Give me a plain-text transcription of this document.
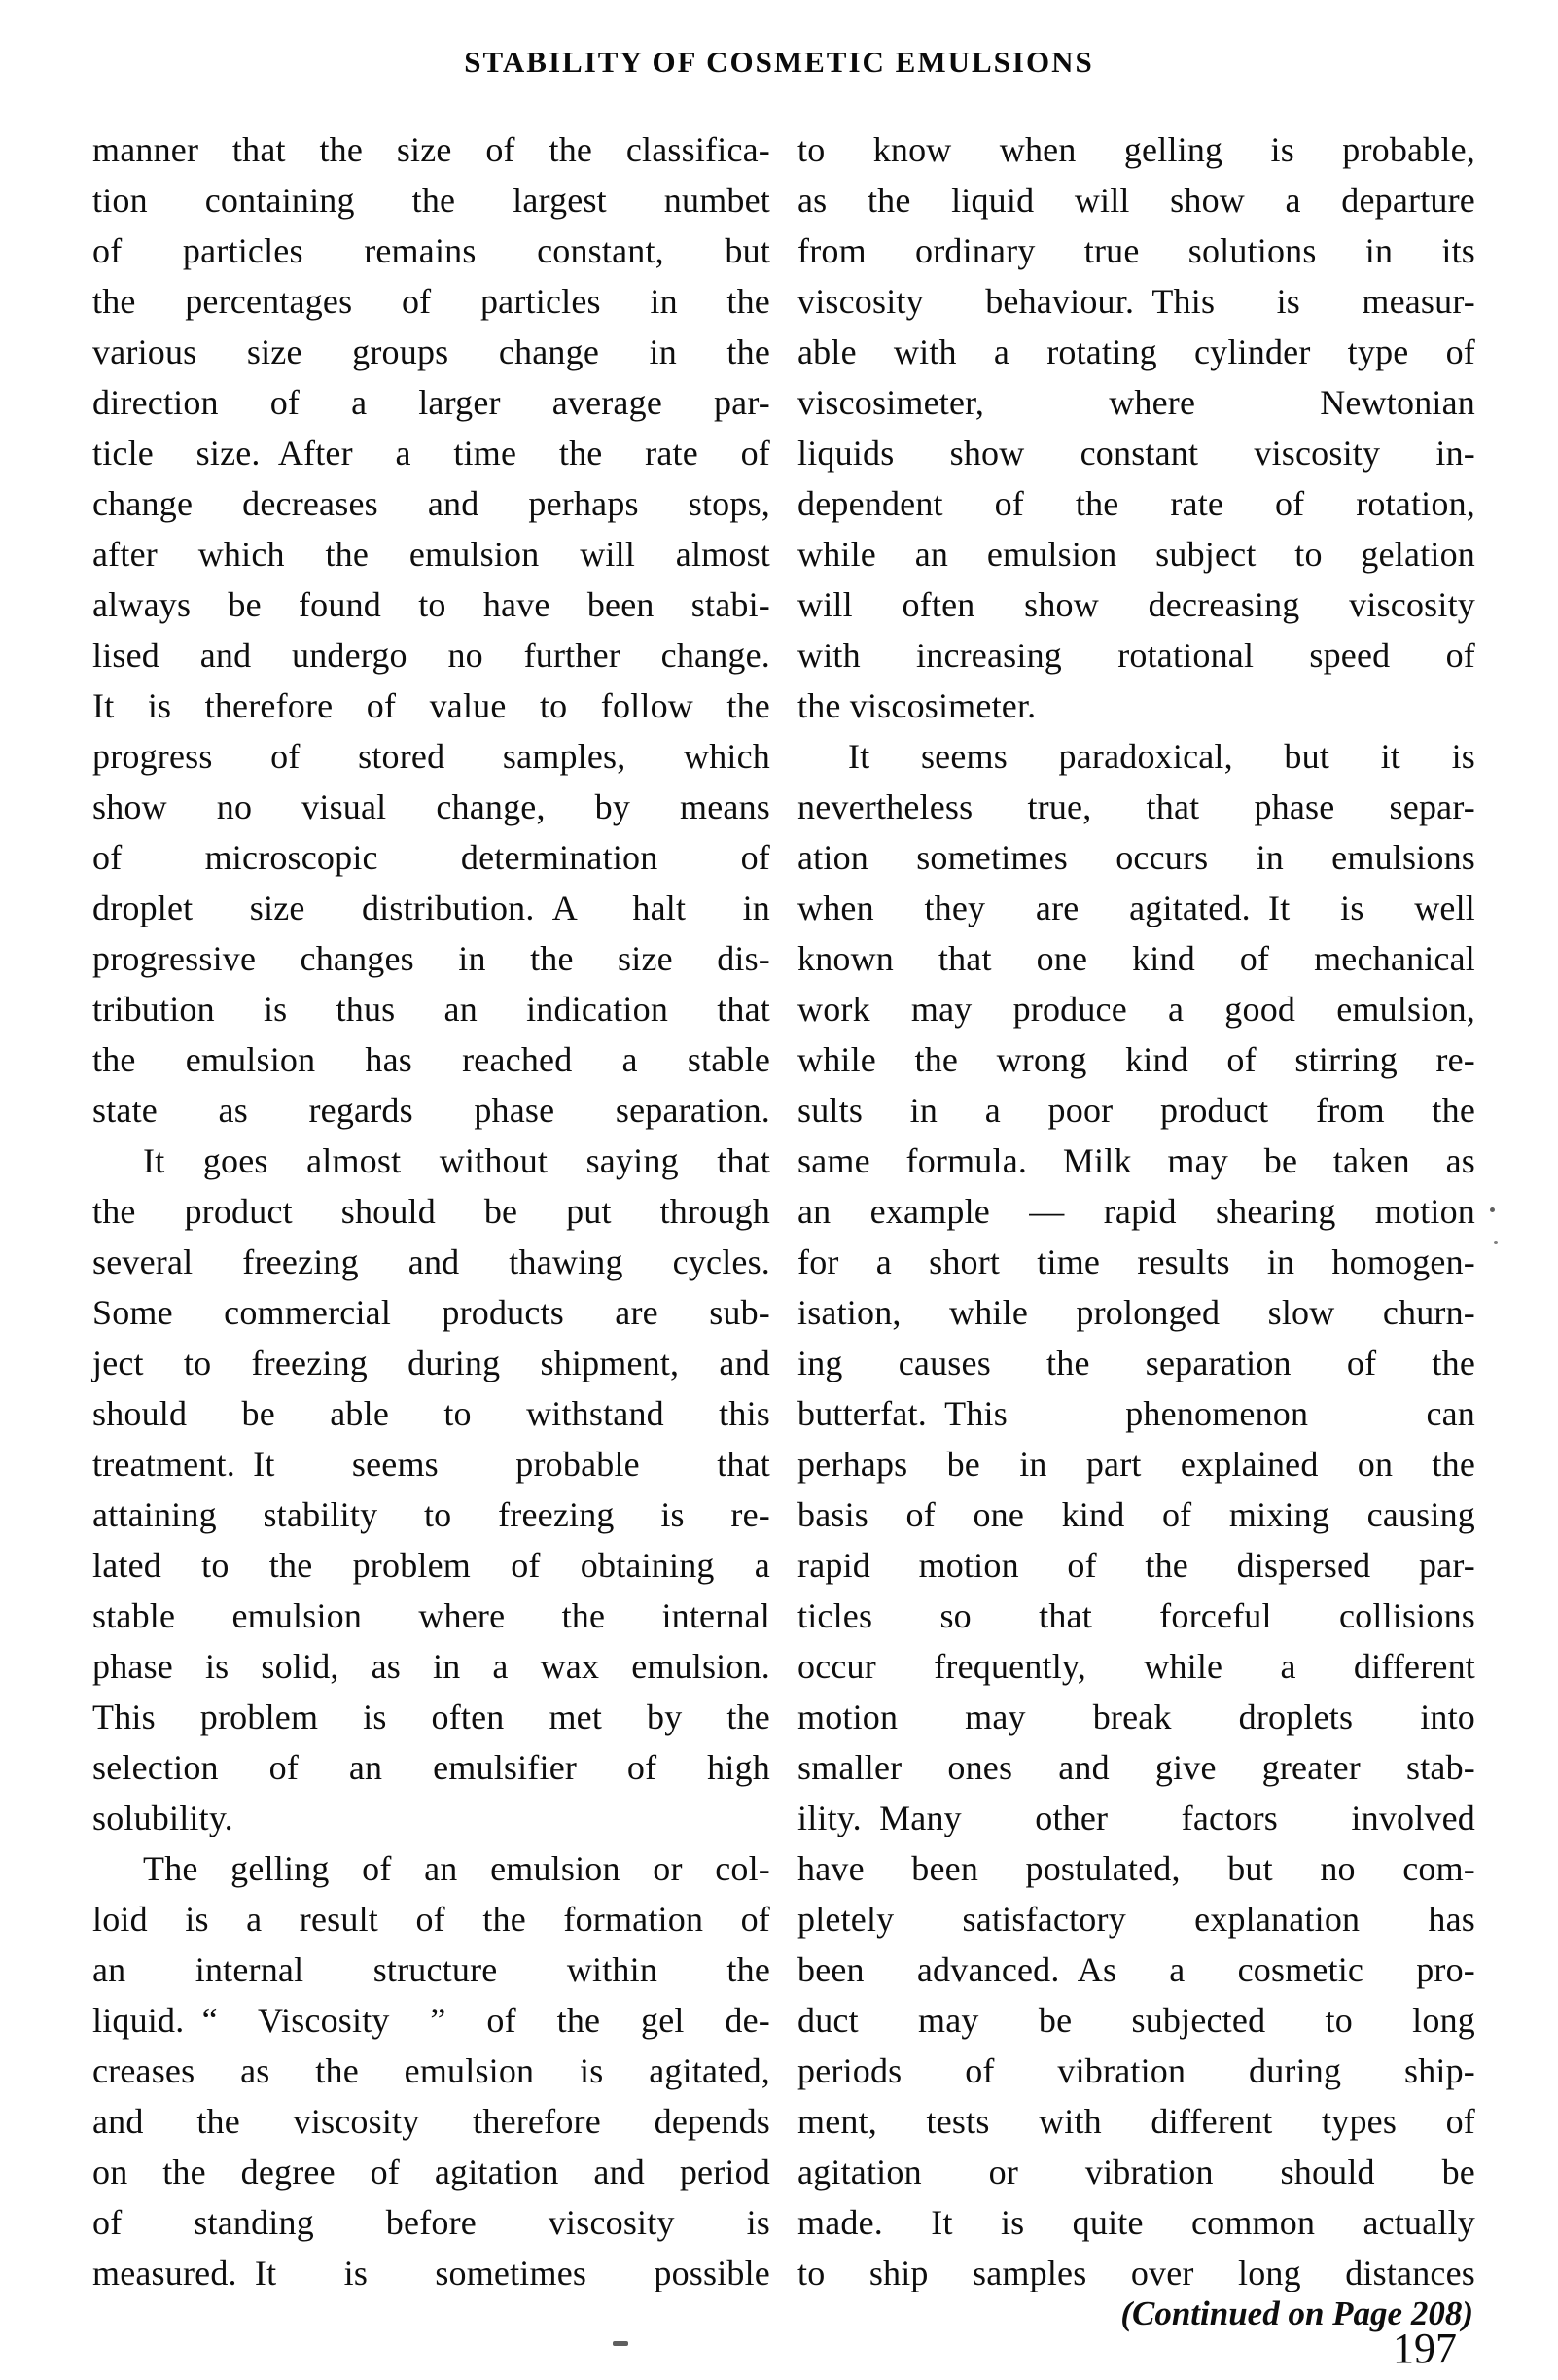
STABILITY OF COSMETIC EMULSIONS
manner that the size of the classifica-
tion containing the largest numbet
of particles remains constant, but
the percentages of particles in the
various size groups change in the
direction of a larger average par-
ticle size. After a time the rate of
change decreases and perhaps stops,
after which the emulsion will almost
always be found to have been stabi-
lised and undergo no further change.
It is therefore of value to follow the
progress of stored samples, which
show no visual change, by means
of microscopic determination of
droplet size distribution. A halt in
progressive changes in the size dis-
tribution is thus an indication that
the emulsion has reached a stable
state as regards phase separation.
It goes almost without saying that
the product should be put through
several freezing and thawing cycles.
Some commercial products are sub-
ject to freezing during shipment, and
should be able to withstand this
treatment. It seems probable that
attaining stability to freezing is re-
lated to the problem of obtaining a
stable emulsion where the internal
phase is solid, as in a wax emulsion.
This problem is often met by the
selection of an emulsifier of high
solubility.
The gelling of an emulsion or col-
loid is a result of the formation of
an internal structure within the
liquid. “ Viscosity ” of the gel de-
creases as the emulsion is agitated,
and the viscosity therefore depends
on the degree of agitation and period
of standing before viscosity is
measured. It is sometimes possible
to know when gelling is probable,
as the liquid will show a departure
from ordinary true solutions in its
viscosity behaviour. This is measur-
able with a rotating cylinder type of
viscosimeter, where Newtonian
liquids show constant viscosity in-
dependent of the rate of rotation,
while an emulsion subject to gelation
will often show decreasing viscosity
with increasing rotational speed of
the viscosimeter.
It seems paradoxical, but it is
nevertheless true, that phase separ-
ation sometimes occurs in emulsions
when they are agitated. It is well
known that one kind of mechanical
work may produce a good emulsion,
while the wrong kind of stirring re-
sults in a poor product from the
same formula. Milk may be taken as
an example — rapid shearing motion
for a short time results in homogen-
isation, while prolonged slow churn-
ing causes the separation of the
butterfat. This phenomenon can
perhaps be in part explained on the
basis of one kind of mixing causing
rapid motion of the dispersed par-
ticles so that forceful collisions
occur frequently, while a different
motion may break droplets into
smaller ones and give greater stab-
ility. Many other factors involved
have been postulated, but no com-
pletely satisfactory explanation has
been advanced. As a cosmetic pro-
duct may be subjected to long
periods of vibration during ship-
ment, tests with different types of
agitation or vibration should be
made. It is quite common actually
to ship samples over long distances
(Continued on Page 208)
197
